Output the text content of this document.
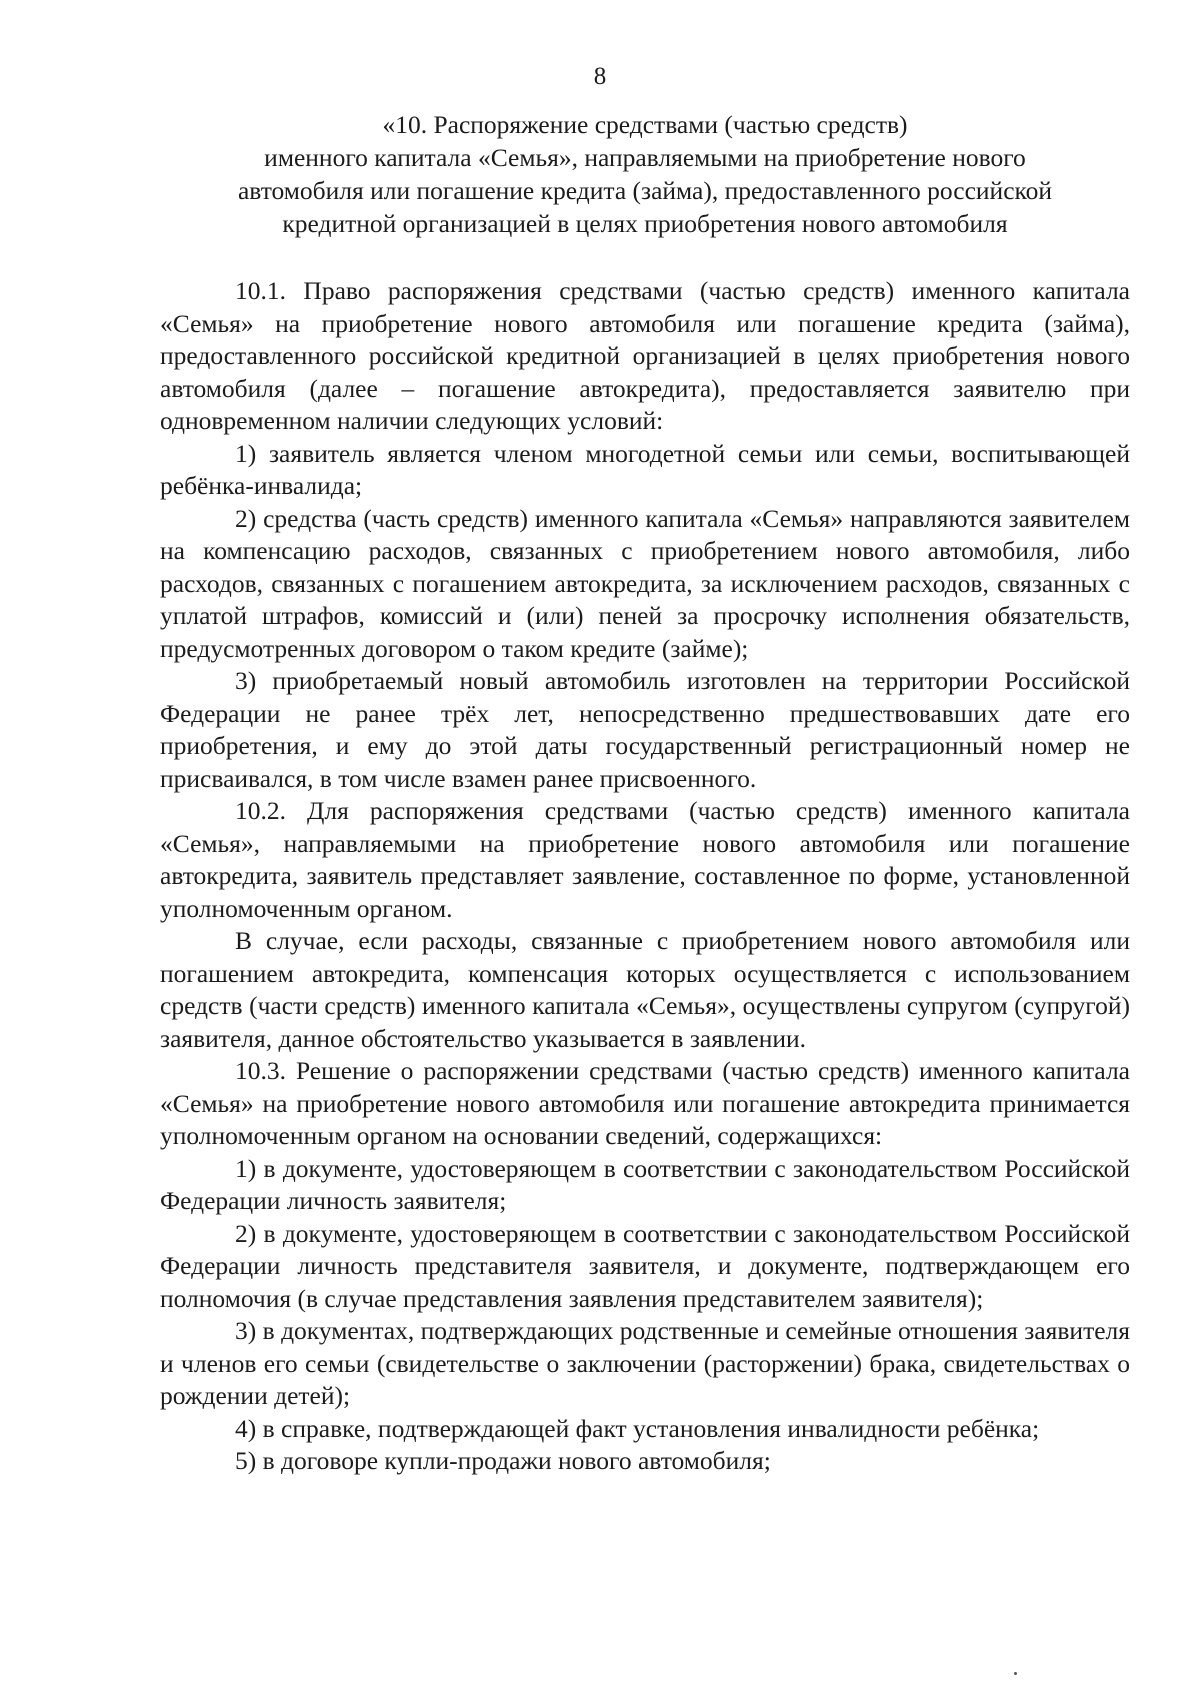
8
«10. Распоряжение средствами (частью средств)
именного капитала «Семья», направляемыми на приобретение нового
автомобиля или погашение кредита (займа), предоставленного российской
кредитной организацией в целях приобретения нового автомобиля

10.1. Право распоряжения средствами (частью средств) именного капитала «Семья» на приобретение нового автомобиля или погашение кредита (займа), предоставленного российской кредитной организацией в целях приобретения нового автомобиля (далее – погашение автокредита), предоставляется заявителю при одновременном наличии следующих условий:

1) заявитель является членом многодетной семьи или семьи, воспитывающей ребёнка-инвалида;

2) средства (часть средств) именного капитала «Семья» направляются заявителем на компенсацию расходов, связанных с приобретением нового автомобиля, либо расходов, связанных с погашением автокредита, за исключением расходов, связанных с уплатой штрафов, комиссий и (или) пеней за просрочку исполнения обязательств, предусмотренных договором о таком кредите (займе);

3) приобретаемый новый автомобиль изготовлен на территории Российской Федерации не ранее трёх лет, непосредственно предшествовавших дате его приобретения, и ему до этой даты государственный регистрационный номер не присваивался, в том числе взамен ранее присвоенного.

10.2. Для распоряжения средствами (частью средств) именного капитала «Семья», направляемыми на приобретение нового автомобиля или погашение автокредита, заявитель представляет заявление, составленное по форме, установленной уполномоченным органом.

В случае, если расходы, связанные с приобретением нового автомобиля или погашением автокредита, компенсация которых осуществляется с использованием средств (части средств) именного капитала «Семья», осуществлены супругом (супругой) заявителя, данное обстоятельство указывается в заявлении.

10.3. Решение о распоряжении средствами (частью средств) именного капитала «Семья» на приобретение нового автомобиля или погашение автокредита принимается уполномоченным органом на основании сведений, содержащихся:

1) в документе, удостоверяющем в соответствии с законодательством Российской Федерации личность заявителя;

2) в документе, удостоверяющем в соответствии с законодательством Российской Федерации личность представителя заявителя, и документе, подтверждающем его полномочия (в случае представления заявления представителем заявителя);

3) в документах, подтверждающих родственные и семейные отношения заявителя и членов его семьи (свидетельстве о заключении (расторжении) брака, свидетельствах о рождении детей);

4) в справке, подтверждающей факт установления инвалидности ребёнка;

5) в договоре купли-продажи нового автомобиля;
